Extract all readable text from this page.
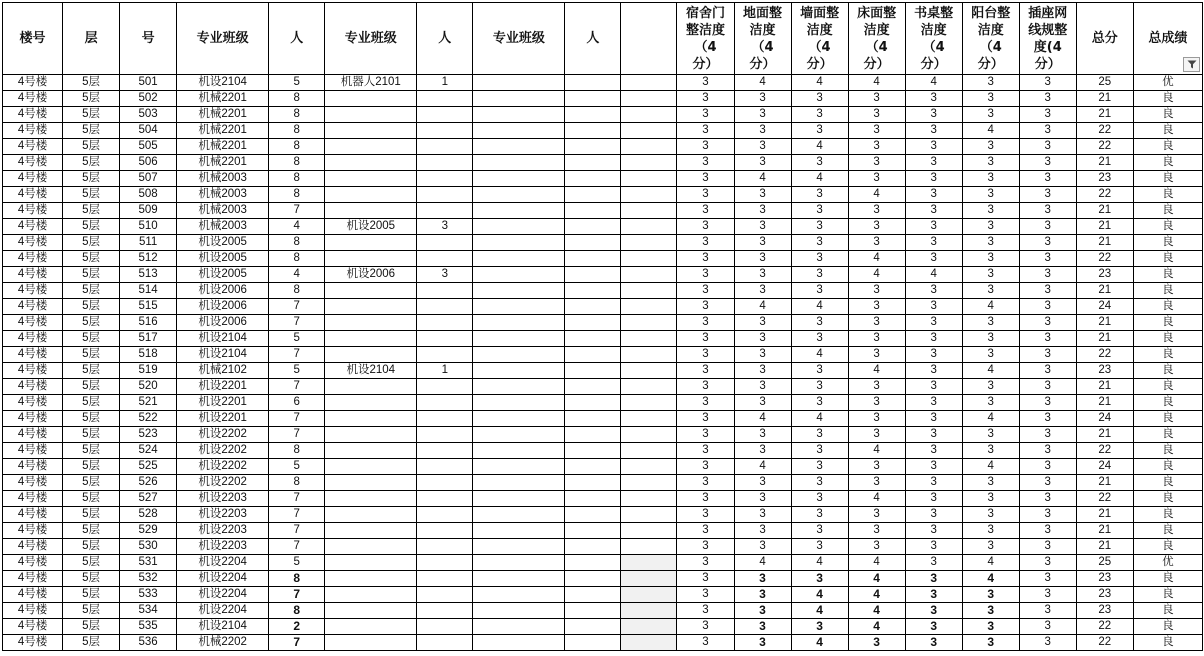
楼号	层	号	专业班级	人	专业班级	人	专业班级	人		宿舍门
整洁度
（4
分）	地面整
洁度
（4
分）	墙面整
洁度
（4
分）	床面整
洁度
（4
分）	书桌整
洁度
（4
分）	阳台整
洁度
（4
分）	插座网
线规整
度(4
分）	总分	总成绩

4号楼	5层	501	机设2104	5	机器人2101	1				3	4	4	4	4	3	3	25	优
4号楼	5层	502	机械2201	8						3	3	3	3	3	3	3	21	良
4号楼	5层	503	机械2201	8						3	3	3	3	3	3	3	21	良
4号楼	5层	504	机械2201	8						3	3	3	3	3	4	3	22	良
4号楼	5层	505	机械2201	8						3	3	4	3	3	3	3	22	良
4号楼	5层	506	机械2201	8						3	3	3	3	3	3	3	21	良
4号楼	5层	507	机械2003	8						3	4	4	3	3	3	3	23	良
4号楼	5层	508	机械2003	8						3	3	3	4	3	3	3	22	良
4号楼	5层	509	机械2003	7						3	3	3	3	3	3	3	21	良
4号楼	5层	510	机械2003	4	机设2005	3				3	3	3	3	3	3	3	21	良
4号楼	5层	511	机设2005	8						3	3	3	3	3	3	3	21	良
4号楼	5层	512	机设2005	8						3	3	3	4	3	3	3	22	良
4号楼	5层	513	机设2005	4	机设2006	3				3	3	3	4	4	3	3	23	良
4号楼	5层	514	机设2006	8						3	3	3	3	3	3	3	21	良
4号楼	5层	515	机设2006	7						3	4	4	3	3	4	3	24	良
4号楼	5层	516	机设2006	7						3	3	3	3	3	3	3	21	良
4号楼	5层	517	机设2104	5						3	3	3	3	3	3	3	21	良
4号楼	5层	518	机设2104	7						3	3	4	3	3	3	3	22	良
4号楼	5层	519	机械2102	5	机设2104	1				3	3	3	4	3	4	3	23	良
4号楼	5层	520	机设2201	7						3	3	3	3	3	3	3	21	良
4号楼	5层	521	机设2201	6						3	3	3	3	3	3	3	21	良
4号楼	5层	522	机设2201	7						3	4	4	3	3	4	3	24	良
4号楼	5层	523	机设2202	7						3	3	3	3	3	3	3	21	良
4号楼	5层	524	机设2202	8						3	3	3	4	3	3	3	22	良
4号楼	5层	525	机设2202	5						3	4	3	3	3	4	3	24	良
4号楼	5层	526	机设2202	8						3	3	3	3	3	3	3	21	良
4号楼	5层	527	机设2203	7						3	3	3	4	3	3	3	22	良
4号楼	5层	528	机设2203	7						3	3	3	3	3	3	3	21	良
4号楼	5层	529	机设2203	7						3	3	3	3	3	3	3	21	良
4号楼	5层	530	机设2203	7						3	3	3	3	3	3	3	21	良
4号楼	5层	531	机设2204	5						3	4	4	4	3	4	3	25	优
4号楼	5层	532	机设2204	8						3	3	3	4	3	4	3	23	良
4号楼	5层	533	机设2204	7						3	3	4	4	3	3	3	23	良
4号楼	5层	534	机设2204	8						3	3	4	4	3	3	3	23	良
4号楼	5层	535	机设2104	2						3	3	3	4	3	3	3	22	良
4号楼	5层	536	机械2202	7						3	3	4	3	3	3	3	22	良
